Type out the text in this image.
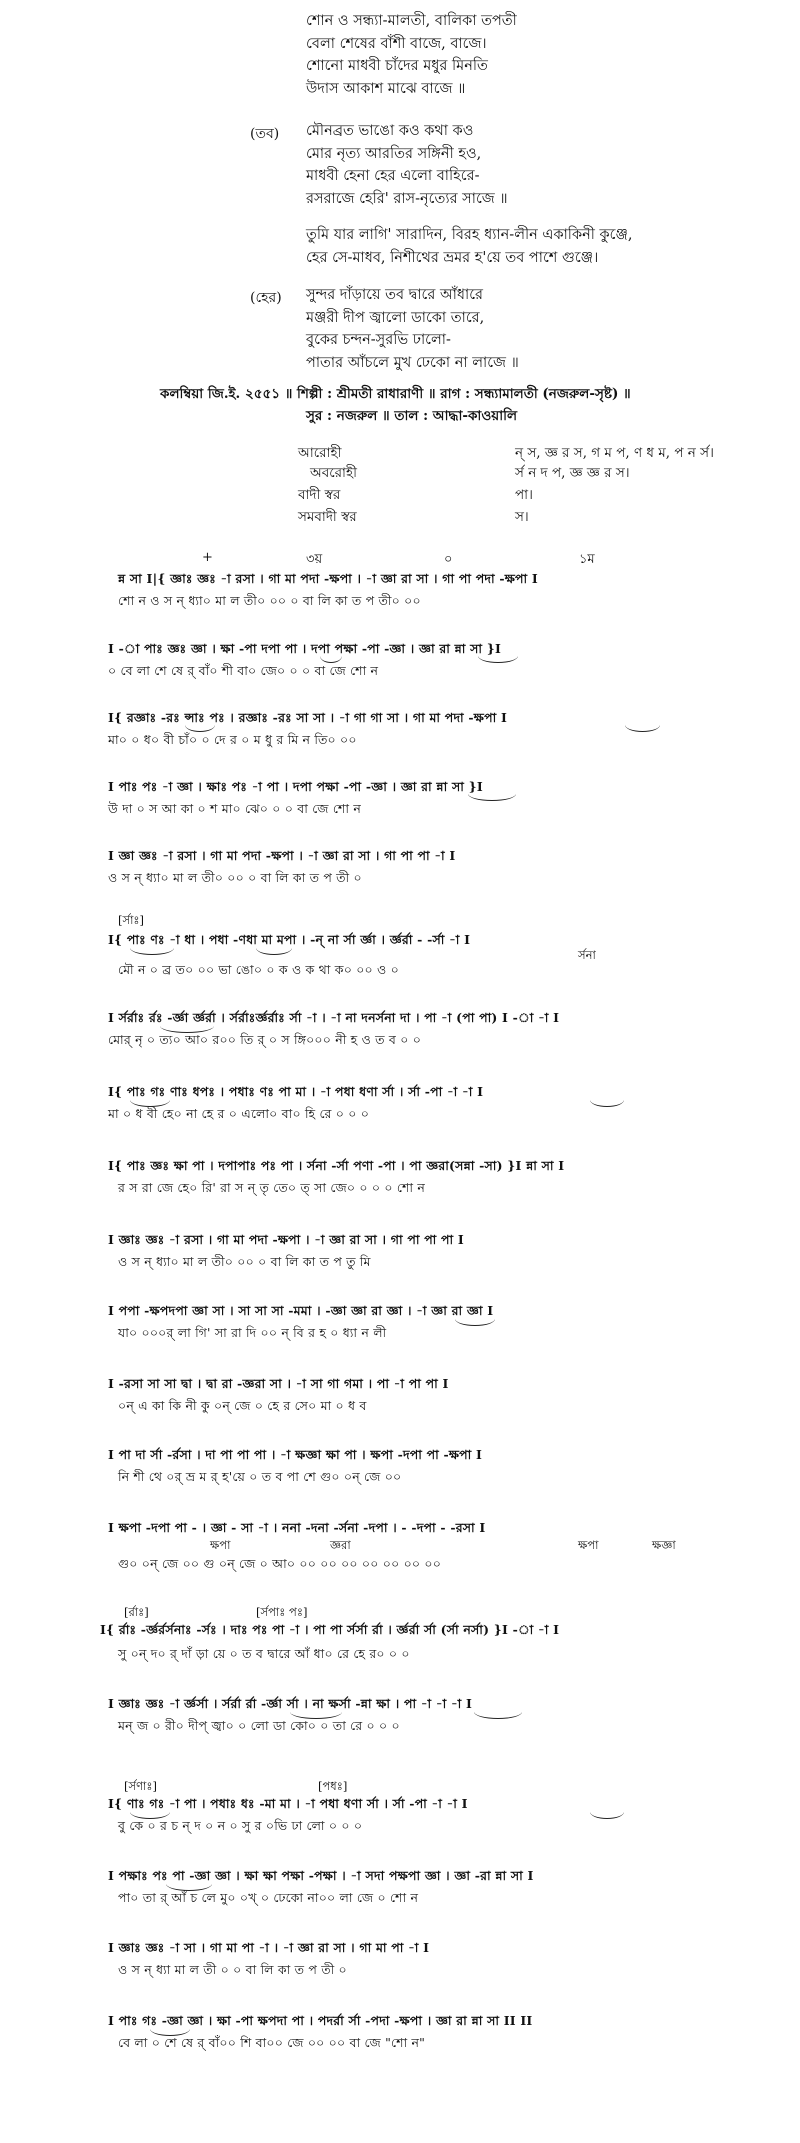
শোন ও সন্ধ্যা-মালতী, বালিকা তপতী
বেলা শেষের বাঁশী বাজে, বাজে।
শোনো মাধবী চাঁদের মধুর মিনতি
উদাস আকাশ মাঝে বাজে ॥
(তব) মৌনব্রত ভাঙো কও কথা কও
মোর নৃত্য আরতির সঙ্গিনী হও,
মাধবী হেনা হের এলো বাহিরে-
রসরাজে হেরি' রাস-নৃত্যের সাজে ॥
তুমি যার লাগি' সারাদিন, বিরহ ধ্যান-লীন একাকিনী কুঞ্জে,
হের সে-মাধব, নিশীথের ভ্রমর হ'য়ে তব পাশে গুঞ্জে।
(হের) সুন্দর দাঁড়ায়ে তব দ্বারে আঁধারে
মঞ্জরী দীপ জ্বালো ডাকো তারে,
বুকের চন্দন-সুরভি ঢালো-
পাতার আঁচলে মুখ ঢেকো না লাজে ॥
কলম্বিয়া জি.ই. ২৫৫১ ॥ শিল্পী : শ্রীমতী রাধারাণী ॥ রাগ : সন্ধ্যামালতী (নজরুল-সৃষ্ট) ॥
সুর : নজরুল ॥ তাল : আদ্ধা-কাওয়ালি
আরোহী	ন্‌ স, জ্ঞ র স, গ ম প, ণ ধ ম, প ন র্স।
অবরোহী	র্স ন দ প, জ্ঞ জ্ঞ র স।
বাদী স্বর	পা।
সমবাদী স্বর	স।
+	৩য়	০	১ম
ন্ন সা I|{ জ্ঞাঃ জ্ঞঃ -া রসা । গা মা পদা -ক্ষপা । -া জ্ঞা রা সা । গা পা পদা -ক্ষপা I
শো ন ও স ন্‌ ধ্যা০ মা ল তী০ ০০ ০ বা লি কা ত প তী০ ০০
I -া পাঃ জ্ঞঃ জ্ঞা । ক্ষা -পা দপা পা । দপা পক্ষা -পা -জ্ঞা । জ্ঞা রা ন্না সা }I
০ বে লা শে ষে র্‌ বাঁ০ শী বা০ জে০ ০ ০ বা জে শো ন
I{ রজ্ঞাঃ -রঃ ন্সাঃ পঃ । রজ্ঞাঃ -রঃ সা সা । -া গা গা সা । গা মা পদা -ক্ষপা I
মা০ ০ ধ০ বী চাঁ০ ০ দে র ০ ম ধু র মি ন তি০ ০০
I পাঃ পঃ -া জ্ঞা । ক্ষাঃ পঃ -া পা । দপা পক্ষা -পা -জ্ঞা । জ্ঞা রা ন্না সা }I
উ দা ০ স আ কা ০ শ মা০ ঝে০ ০ ০ বা জে শো ন
I জ্ঞা জ্ঞঃ -া রসা । গা মা পদা -ক্ষপা । -া জ্ঞা রা সা । গা পা পা -া I
ও স ন্‌ ধ্যা০ মা ল তী০ ০০ ০ বা লি কা ত প তী ০
[র্সাঃ]
I{ পাঃ ণঃ -া ধা । পধা -ণধা মা মপা । -ন্‌ না র্সা র্জ্ঞা । র্জ্ঞর্রা - -র্সা -া I
র্সনা
মৌ ন ০ ব্র ত০ ০০ ভা ঙো০ ০ ক ও ক থা ক০ ০০ ও ০
I র্সর্রাঃ র্রঃ -র্জ্ঞা র্জ্ঞর্রা । র্সর্রাঃর্জ্ঞর্রাঃ র্সা -া । -া না দনর্সনা দা । পা -া (পা পা) I -া -া I
মোর্‌ নৃ ০ ত্য০ আ০ র০০ তি র্‌ ০ স ঙ্গি০০০ নী হ ও ত ব ০ ০
I{ পাঃ গঃ ণাঃ ধপঃ । পধাঃ ণঃ পা মা । -া পধা ধণা র্সা । র্সা -পা -া -া I
মা ০ ধ বী হে০ না হে র ০ এলো০ বা০ হি রে ০ ০ ০
I{ পাঃ জ্ঞঃ ক্ষা পা । দপাপাঃ পঃ পা । র্সনা -র্সা পণা -পা । পা জ্ঞরা(সন্না -সা) }I ন্না সা I
র স রা জে হে০ রি' রা স ন্‌ তৃ তে০ ত্‌ সা জে০ ০ ০ ০ শো ন
I জ্ঞাঃ জ্ঞঃ -া রসা । গা মা পদা -ক্ষপা । -া জ্ঞা রা সা । গা পা পা পা I
ও স ন্‌ ধ্যা০ মা ল তী০ ০০ ০ বা লি কা ত প তু মি
I পপা -ক্ষপদপা জ্ঞা সা । সা সা সা -মমা । -জ্ঞা জ্ঞা রা জ্ঞা । -া জ্ঞা রা জ্ঞা I
যা০ ০০০র্‌ লা গি' সা রা দি ০০ ন্‌ বি র হ ০ ধ্যা ন লী
I -রসা সা সা দ্বা । দ্বা রা -জ্ঞরা সা । -া সা গা গমা । পা -া পা পা I
০ন্‌ এ কা কি নী কু ০ন্‌ জে ০ হে র সে০ মা ০ ধ ব
I পা দা র্সা -র্রসা । দা পা পা পা । -া ক্ষজ্ঞা ক্ষা পা । ক্ষপা -দপা পা -ক্ষপা I
নি শী থে ০র্‌ ভ্র ম র্‌ হ'য়ে ০ ত ব পা শে গু০ ০ন্‌ জে ০০
I ক্ষপা -দপা পা - । জ্ঞা - সা -া । ননা -দনা -র্সনা -দপা । - -দপা - -রসা I
ক্ষপা	জ্ঞরা	ক্ষপা	ক্ষজ্ঞা
গু০ ০ন্‌ জে ০০ গু ০ন্‌ জে ০ আ০ ০০ ০০ ০০ ০০ ০০ ০০ ০০
[র্রাঃ]	[র্সপাঃ পঃ]
I{ র্রাঃ -র্জ্ঞর্রর্সনাঃ -র্সঃ । দাঃ পঃ পা -া । পা পা র্সর্সা র্রা । র্জ্ঞর্রা র্সা (র্সা নর্সা) }I -া -া I
সু ০ন্‌ দ০ র্‌ দাঁ ড়া য়ে ০ ত ব দ্বারে আঁ ধা০ রে হে র০ ০ ০
I জ্ঞাঃ জ্ঞঃ -া র্জ্ঞর্সা । র্সর্রা র্রা -র্জ্ঞা র্সা । না ক্ষর্সা -ন্না ক্ষা । পা -া -া -া I
মন্‌ জ ০ রী০ দীপ্‌ জ্বা০ ০ লো ডা কো০ ০ তা রে ০ ০ ০
[র্সণাঃ]	[পধঃ]
I{ ণাঃ গঃ -া পা । পধাঃ ধঃ -মা মা । -া পধা ধণা র্সা । র্সা -পা -া -া I
বু কে ০ র চ ন্‌ দ ০ ন ০ সু র ০ভি ঢা লো ০ ০ ০
I পক্ষাঃ পঃ পা -জ্ঞা জ্ঞা । ক্ষা ক্ষা পক্ষা -পক্ষা । -া সদা পক্ষপা জ্ঞা । জ্ঞা -রা ন্না সা I
পা০ তা র্‌ আঁ চ লে মু০ ০খ্‌ ০ ঢেকো না০০ লা জে ০ শো ন
I জ্ঞাঃ জ্ঞঃ -া সা । গা মা পা -া । -া জ্ঞা রা সা । গা মা পা -া I
ও স ন্‌ ধ্যা মা ল তী ০ ০ বা লি কা ত প তী ০
I পাঃ গঃ -জ্ঞা জ্ঞা । ক্ষা -পা ক্ষপদা পা । পদর্রা র্সা -পদা -ক্ষপা । জ্ঞা রা ন্না সা II II
বে লা ০ শে ষে র্‌ বাঁ০০ শি বা০০ জে ০০ ০০ বা জে "শো ন"
